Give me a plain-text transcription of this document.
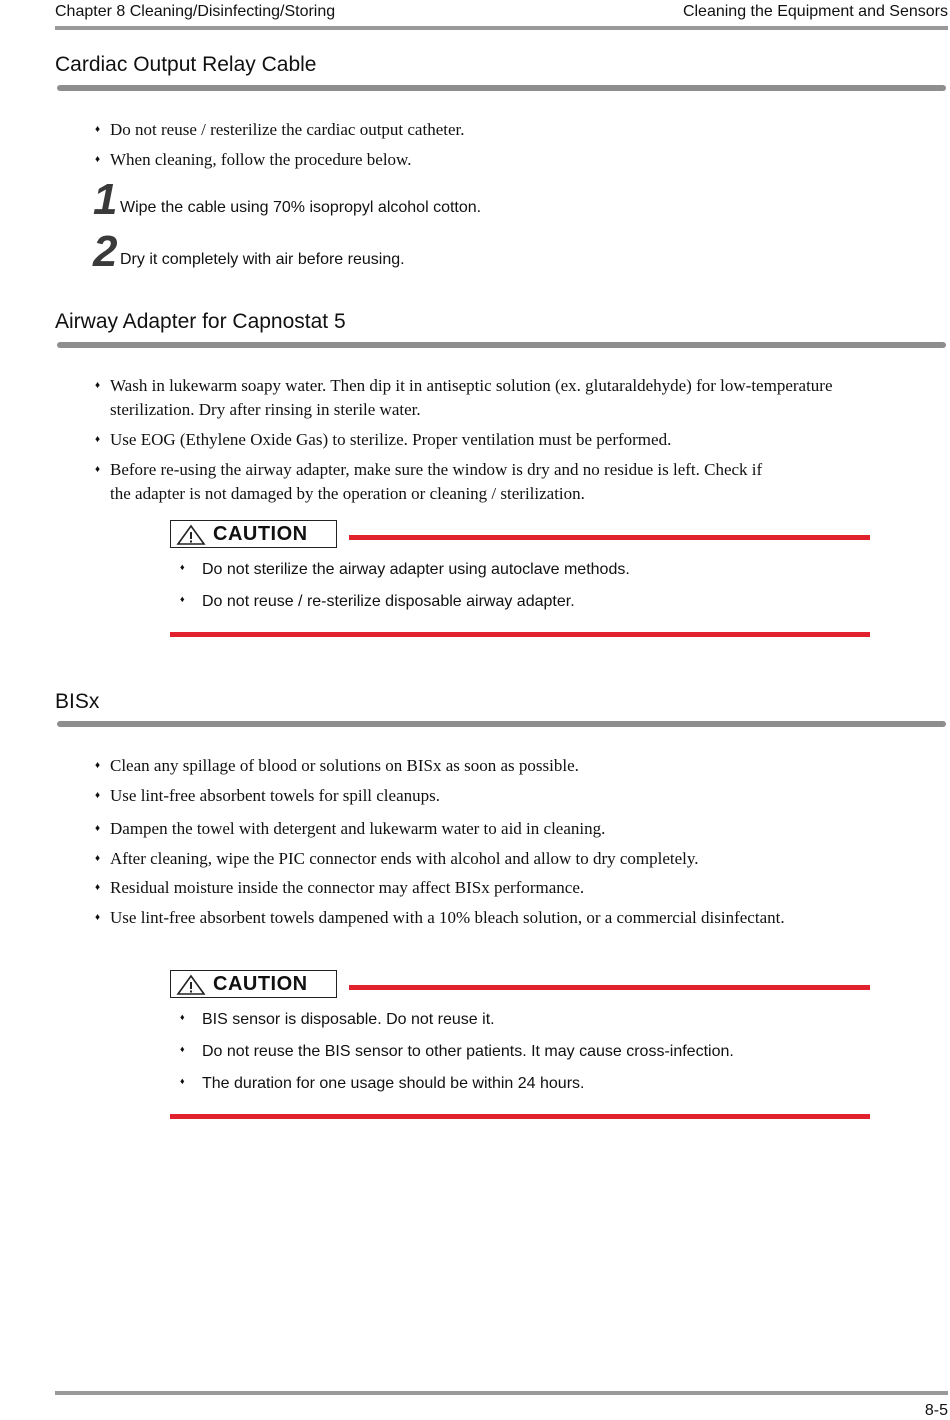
Chapter 8 Cleaning/Disinfecting/Storing	Cleaning the Equipment and Sensors
Cardiac Output Relay Cable
♦ Do not reuse / resterilize the cardiac output catheter.
♦ When cleaning, follow the procedure below.
1 Wipe the cable using 70% isopropyl alcohol cotton.
2 Dry it completely with air before reusing.
Airway Adapter for Capnostat 5
♦ Wash in lukewarm soapy water. Then dip it in antiseptic solution (ex. glutaraldehyde) for low-temperature sterilization. Dry after rinsing in sterile water.
♦ Use EOG (Ethylene Oxide Gas) to sterilize. Proper ventilation must be performed.
♦ Before re-using the airway adapter, make sure the window is dry and no residue is left. Check if the adapter is not damaged by the operation or cleaning / sterilization.
CAUTION
♦ Do not sterilize the airway adapter using autoclave methods.
♦ Do not reuse / re-sterilize disposable airway adapter.
BISx
♦ Clean any spillage of blood or solutions on BISx as soon as possible.
♦ Use lint-free absorbent towels for spill cleanups.
♦ Dampen the towel with detergent and lukewarm water to aid in cleaning.
♦ After cleaning, wipe the PIC connector ends with alcohol and allow to dry completely.
♦ Residual moisture inside the connector may affect BISx performance.
♦ Use lint-free absorbent towels dampened with a 10% bleach solution, or a commercial disinfectant.
CAUTION
♦ BIS sensor is disposable. Do not reuse it.
♦ Do not reuse the BIS sensor to other patients. It may cause cross-infection.
♦ The duration for one usage should be within 24 hours.
8-5
